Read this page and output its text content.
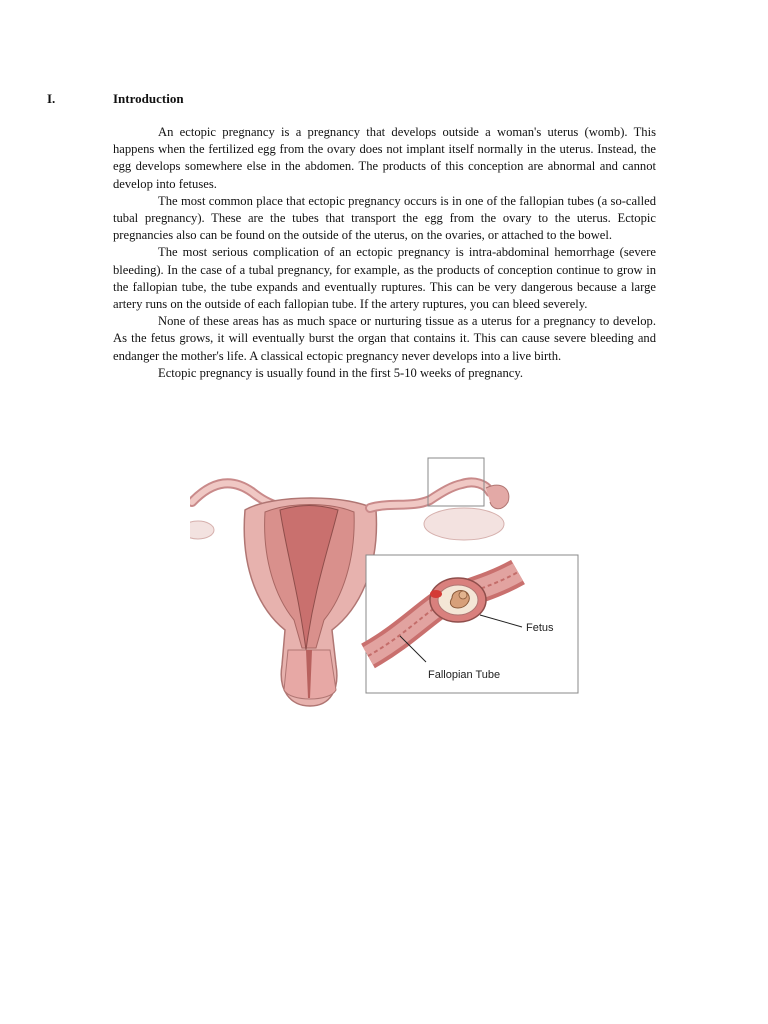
I.	Introduction

An ectopic pregnancy is a pregnancy that develops outside a woman's uterus (womb). This happens when the fertilized egg from the ovary does not implant itself normally in the uterus. Instead, the egg develops somewhere else in the abdomen. The products of this conception are abnormal and cannot develop into fetuses.

The most common place that ectopic pregnancy occurs is in one of the fallopian tubes (a so-called tubal pregnancy). These are the tubes that transport the egg from the ovary to the uterus. Ectopic pregnancies also can be found on the outside of the uterus, on the ovaries, or attached to the bowel.

The most serious complication of an ectopic pregnancy is intra-abdominal hemorrhage (severe bleeding). In the case of a tubal pregnancy, for example, as the products of conception continue to grow in the fallopian tube, the tube expands and eventually ruptures. This can be very dangerous because a large artery runs on the outside of each fallopian tube. If the artery ruptures, you can bleed severely.

None of these areas has as much space or nurturing tissue as a uterus for a pregnancy to develop. As the fetus grows, it will eventually burst the organ that contains it. This can cause severe bleeding and endanger the mother's life. A classical ectopic pregnancy never develops into a live birth.

Ectopic pregnancy is usually found in the first 5-10 weeks of pregnancy.

Fetus
Fallopian Tube
